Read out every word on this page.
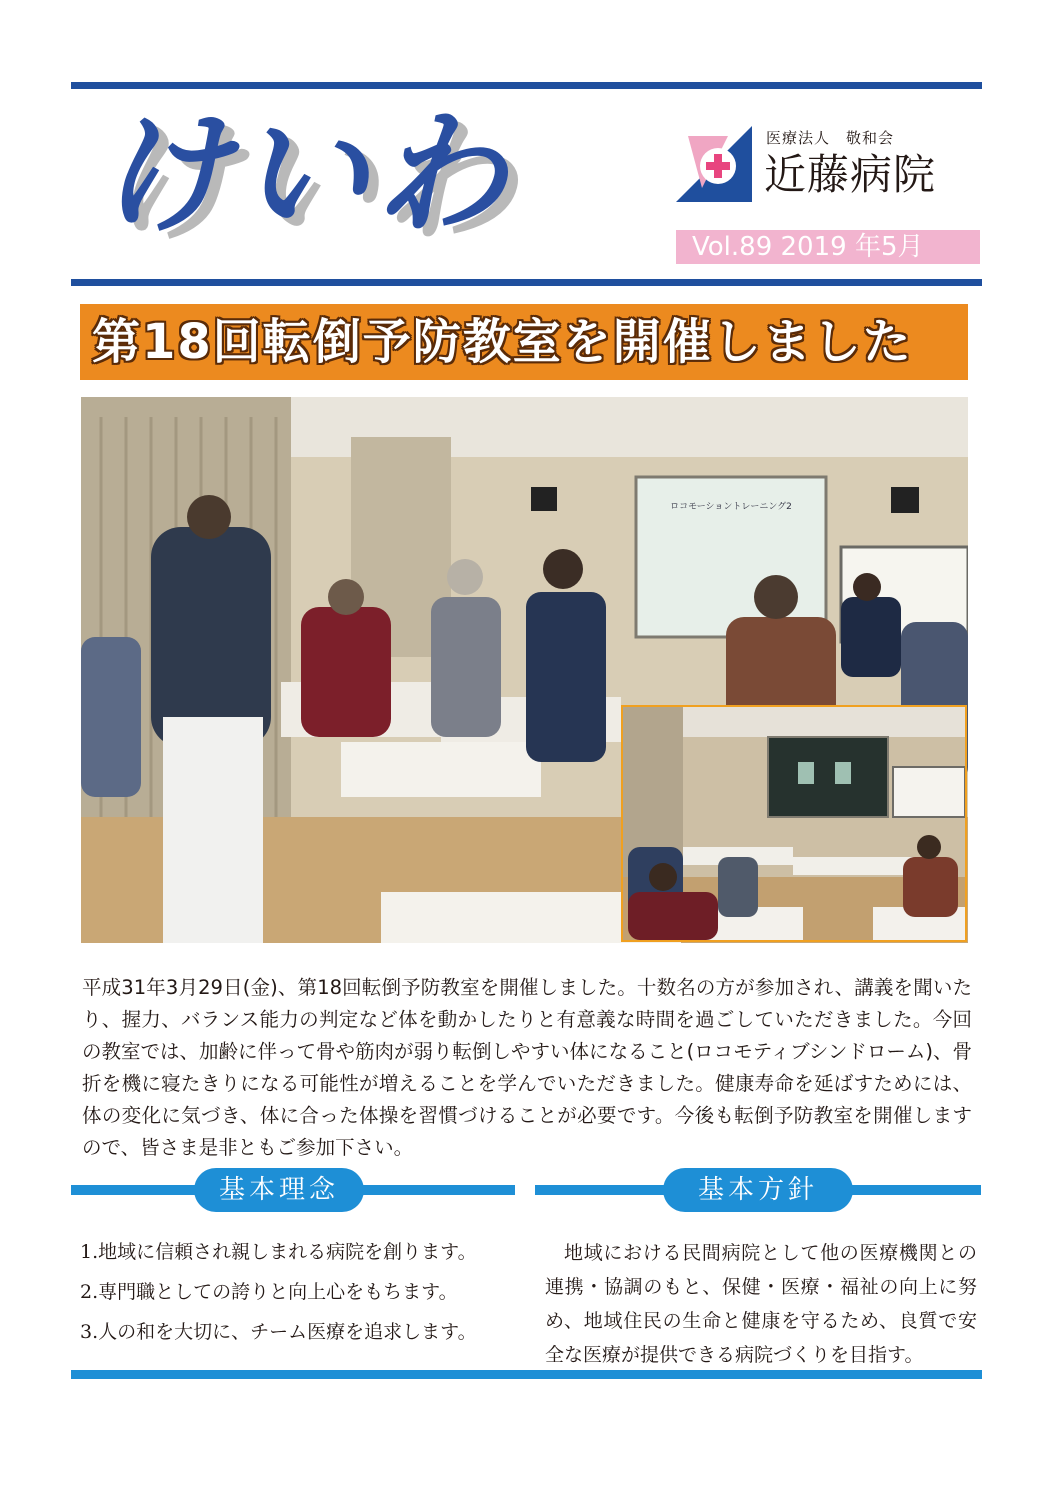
けいわ	医療法人　敬和会
近藤病院
Vol.89 2019 年5月
第18回転倒予防教室を開催しました
ロコモーショントレーニング2
平成31年3月29日(金)、第18回転倒予防教室を開催しました。十数名の方が参加され、講義を聞いたり、握力、バランス能力の判定など体を動かしたりと有意義な時間を過ごしていただきました。今回の教室では、加齢に伴って骨や筋肉が弱り転倒しやすい体になること(ロコモティブシンドローム)、骨折を機に寝たきりになる可能性が増えることを学んでいただきました。健康寿命を延ばすためには、体の変化に気づき、体に合った体操を習慣づけることが必要です。今後も転倒予防教室を開催しますので、皆さま是非ともご参加下さい。
基本理念	基本方針
1.地域に信頼され親しまれる病院を創ります。
2.専門職としての誇りと向上心をもちます。
3.人の和を大切に、チーム医療を追求します。
地域における民間病院として他の医療機関との連携・協調のもと、保健・医療・福祉の向上に努め、地域住民の生命と健康を守るため、良質で安全な医療が提供できる病院づくりを目指す。
